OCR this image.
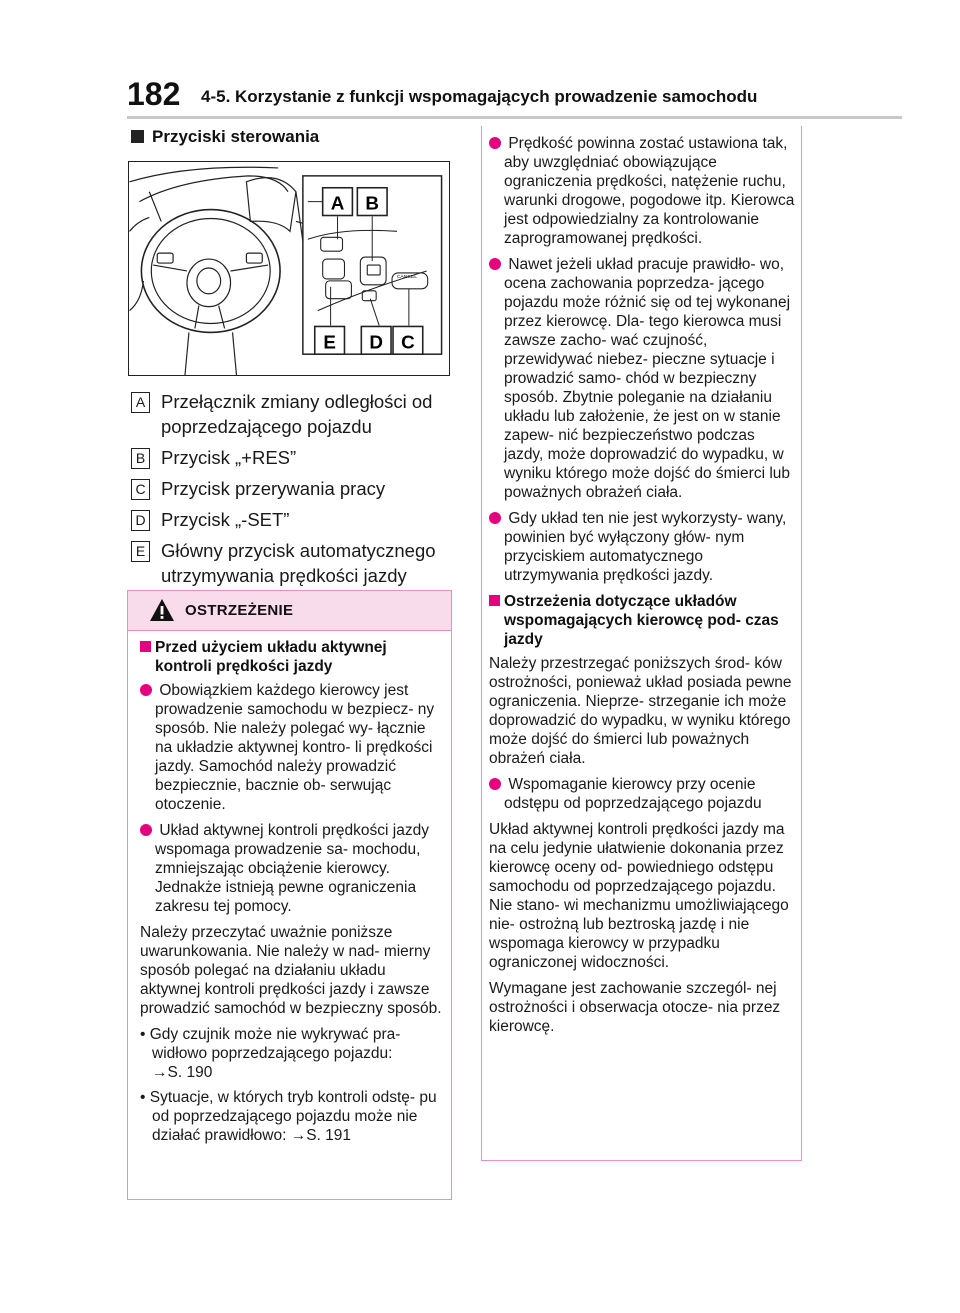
182 4-5. Korzystanie z funkcji wspomagających prowadzenie samochodu
Przyciski sterowania
CANCEL
A B
E D C
A Przełącznik zmiany odległości od poprzedzającego pojazdu
B Przycisk „+RES”
C Przycisk przerywania pracy
D Przycisk „-SET”
E Główny przycisk automatycznego utrzymywania prędkości jazdy
OSTRZEŻENIE
Przed użyciem układu aktywnej kontroli prędkości jazdy
Obowiązkiem każdego kierowcy jest prowadzenie samochodu w bezpiecz- ny sposób. Nie należy polegać wy- łącznie na układzie aktywnej kontro- li prędkości jazdy. Samochód należy prowadzić bezpiecznie, bacznie ob- serwując otoczenie.
Układ aktywnej kontroli prędkości jazdy wspomaga prowadzenie sa- mochodu, zmniejszając obciążenie kierowcy. Jednakże istnieją pewne ograniczenia zakresu tej pomocy.
Należy przeczytać uważnie poniższe uwarunkowania. Nie należy w nad- mierny sposób polegać na działaniu układu aktywnej kontroli prędkości jazdy i zawsze prowadzić samochód w bezpieczny sposób.
• Gdy czujnik może nie wykrywać pra- widłowo poprzedzającego pojazdu:
→S. 190
• Sytuacje, w których tryb kontroli odstę- pu od poprzedzającego pojazdu może nie działać prawidłowo: →S. 191
Prędkość powinna zostać ustawiona tak, aby uwzględniać obowiązujące ograniczenia prędkości, natężenie ruchu, warunki drogowe, pogodowe itp. Kierowca jest odpowiedzialny za kontrolowanie zaprogramowanej prędkości.
Nawet jeżeli układ pracuje prawidło- wo, ocena zachowania poprzedza- jącego pojazdu może różnić się od tej wykonanej przez kierowcę. Dla- tego kierowca musi zawsze zacho- wać czujność, przewidywać niebez- pieczne sytuacje i prowadzić samo- chód w bezpieczny sposób. Zbytnie poleganie na działaniu układu lub założenie, że jest on w stanie zapew- nić bezpieczeństwo podczas jazdy, może doprowadzić do wypadku, w wyniku którego może dojść do śmierci lub poważnych obrażeń ciała.
Gdy układ ten nie jest wykorzysty- wany, powinien być wyłączony głów- nym przyciskiem automatycznego utrzymywania prędkości jazdy.
Ostrzeżenia dotyczące układów wspomagających kierowcę pod- czas jazdy
Należy przestrzegać poniższych środ- ków ostrożności, ponieważ układ posiada pewne ograniczenia. Nieprze- strzeganie ich może doprowadzić do wypadku, w wyniku którego może dojść do śmierci lub poważnych obrażeń ciała.
Wspomaganie kierowcy przy ocenie odstępu od poprzedzającego pojazdu
Układ aktywnej kontroli prędkości jazdy ma na celu jedynie ułatwienie dokonania przez kierowcę oceny od- powiedniego odstępu samochodu od poprzedzającego pojazdu. Nie stano- wi mechanizmu umożliwiającego nie- ostrożną lub beztroską jazdę i nie wspomaga kierowcy w przypadku ograniczonej widoczności.
Wymagane jest zachowanie szczegól- nej ostrożności i obserwacja otocze- nia przez kierowcę.
